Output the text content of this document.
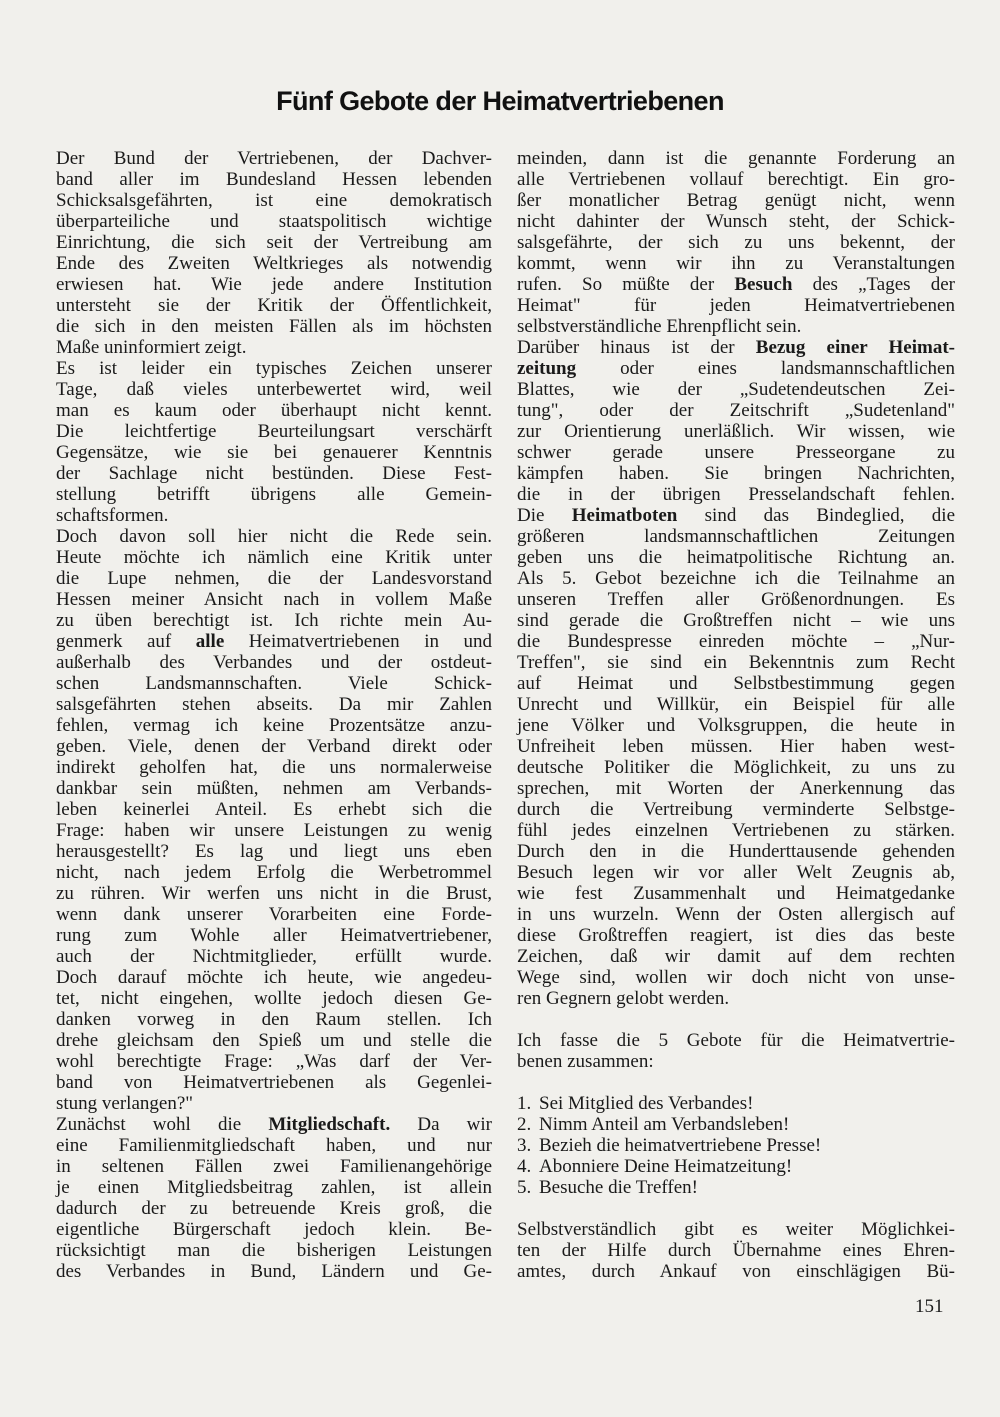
Fünf Gebote der Heimatvertriebenen
Der Bund der Vertriebenen, der Dachver-
band aller im Bundesland Hessen lebenden
Schicksalsgefährten, ist eine demokratisch
überparteiliche und staatspolitisch wichtige
Einrichtung, die sich seit der Vertreibung am
Ende des Zweiten Weltkrieges als notwendig
erwiesen hat. Wie jede andere Institution
untersteht sie der Kritik der Öffentlichkeit,
die sich in den meisten Fällen als im höchsten
Maße uninformiert zeigt.
Es ist leider ein typisches Zeichen unserer
Tage, daß vieles unterbewertet wird, weil
man es kaum oder überhaupt nicht kennt.
Die leichtfertige Beurteilungsart verschärft
Gegensätze, wie sie bei genauerer Kenntnis
der Sachlage nicht bestünden. Diese Fest-
stellung betrifft übrigens alle Gemein-
schaftsformen.
Doch davon soll hier nicht die Rede sein.
Heute möchte ich nämlich eine Kritik unter
die Lupe nehmen, die der Landesvorstand
Hessen meiner Ansicht nach in vollem Maße
zu üben berechtigt ist. Ich richte mein Au-
genmerk auf alle Heimatvertriebenen in und
außerhalb des Verbandes und der ostdeut-
schen Landsmannschaften. Viele Schick-
salsgefährten stehen abseits. Da mir Zahlen
fehlen, vermag ich keine Prozentsätze anzu-
geben. Viele, denen der Verband direkt oder
indirekt geholfen hat, die uns normalerweise
dankbar sein müßten, nehmen am Verbands-
leben keinerlei Anteil. Es erhebt sich die
Frage: haben wir unsere Leistungen zu wenig
herausgestellt? Es lag und liegt uns eben
nicht, nach jedem Erfolg die Werbetrommel
zu rühren. Wir werfen uns nicht in die Brust,
wenn dank unserer Vorarbeiten eine Forde-
rung zum Wohle aller Heimatvertriebener,
auch der Nichtmitglieder, erfüllt wurde.
Doch darauf möchte ich heute, wie angedeu-
tet, nicht eingehen, wollte jedoch diesen Ge-
danken vorweg in den Raum stellen. Ich
drehe gleichsam den Spieß um und stelle die
wohl berechtigte Frage: „Was darf der Ver-
band von Heimatvertriebenen als Gegenlei-
stung verlangen?"
Zunächst wohl die Mitgliedschaft. Da wir
eine Familienmitgliedschaft haben, und nur
in seltenen Fällen zwei Familienangehörige
je einen Mitgliedsbeitrag zahlen, ist allein
dadurch der zu betreuende Kreis groß, die
eigentliche Bürgerschaft jedoch klein. Be-
rücksichtigt man die bisherigen Leistungen
des Verbandes in Bund, Ländern und Ge-
meinden, dann ist die genannte Forderung an
alle Vertriebenen vollauf berechtigt. Ein gro-
ßer monatlicher Betrag genügt nicht, wenn
nicht dahinter der Wunsch steht, der Schick-
salsgefährte, der sich zu uns bekennt, der
kommt, wenn wir ihn zu Veranstaltungen
rufen. So müßte der Besuch des „Tages der
Heimat" für jeden Heimatvertriebenen
selbstverständliche Ehrenpflicht sein.
Darüber hinaus ist der Bezug einer Heimat-
zeitung oder eines landsmannschaftlichen
Blattes, wie der „Sudetendeutschen Zei-
tung", oder der Zeitschrift „Sudetenland"
zur Orientierung unerläßlich. Wir wissen, wie
schwer gerade unsere Presseorgane zu
kämpfen haben. Sie bringen Nachrichten,
die in der übrigen Presselandschaft fehlen.
Die Heimatboten sind das Bindeglied, die
größeren landsmannschaftlichen Zeitungen
geben uns die heimatpolitische Richtung an.
Als 5. Gebot bezeichne ich die Teilnahme an
unseren Treffen aller Größenordnungen. Es
sind gerade die Großtreffen nicht – wie uns
die Bundespresse einreden möchte – „Nur-
Treffen", sie sind ein Bekenntnis zum Recht
auf Heimat und Selbstbestimmung gegen
Unrecht und Willkür, ein Beispiel für alle
jene Völker und Volksgruppen, die heute in
Unfreiheit leben müssen. Hier haben west-
deutsche Politiker die Möglichkeit, zu uns zu
sprechen, mit Worten der Anerkennung das
durch die Vertreibung verminderte Selbstge-
fühl jedes einzelnen Vertriebenen zu stärken.
Durch den in die Hunderttausende gehenden
Besuch legen wir vor aller Welt Zeugnis ab,
wie fest Zusammenhalt und Heimatgedanke
in uns wurzeln. Wenn der Osten allergisch auf
diese Großtreffen reagiert, ist dies das beste
Zeichen, daß wir damit auf dem rechten
Wege sind, wollen wir doch nicht von unse-
ren Gegnern gelobt werden.
Ich fasse die 5 Gebote für die Heimatvertrie-
benen zusammen:
1. Sei Mitglied des Verbandes!
2. Nimm Anteil am Verbandsleben!
3. Bezieh die heimatvertriebene Presse!
4. Abonniere Deine Heimatzeitung!
5. Besuche die Treffen!
Selbstverständlich gibt es weiter Möglichkei-
ten der Hilfe durch Übernahme eines Ehren-
amtes, durch Ankauf von einschlägigen Bü-
151
